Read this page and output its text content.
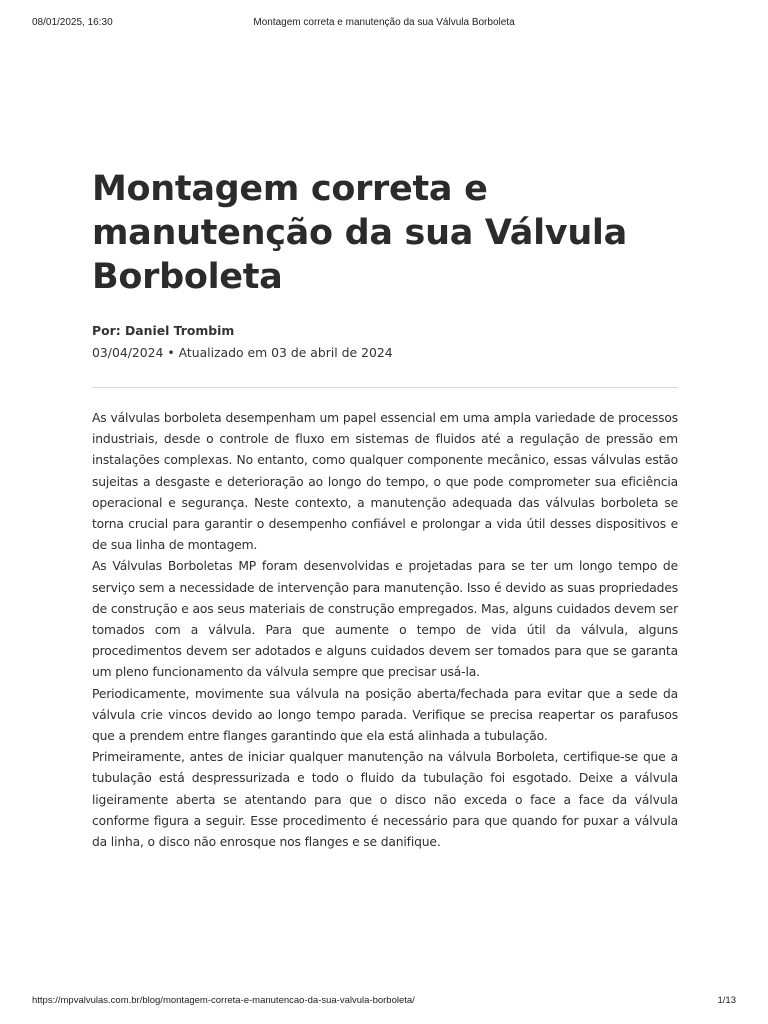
Montagem correta e manutenção da sua Válvula Borboleta
08/01/2025, 16:30
Montagem correta e manutenção da sua Válvula Borboleta
Por: Daniel Trombim
03/04/2024 • Atualizado em 03 de abril de 2024

As válvulas borboleta desempenham um papel essencial em uma ampla variedade de processos industriais, desde o controle de fluxo em sistemas de fluidos até a regulação de pressão em instalações complexas. No entanto, como qualquer componente mecânico, essas válvulas estão sujeitas a desgaste e deterioração ao longo do tempo, o que pode comprometer sua eficiência operacional e segurança. Neste contexto, a manutenção adequada das válvulas borboleta se torna crucial para garantir o desempenho confiável e prolongar a vida útil desses dispositivos e de sua linha de montagem.

As Válvulas Borboletas MP foram desenvolvidas e projetadas para se ter um longo tempo de serviço sem a necessidade de intervenção para manutenção. Isso é devido as suas propriedades de construção e aos seus materiais de construção empregados. Mas, alguns cuidados devem ser tomados com a válvula. Para que aumente o tempo de vida útil da válvula, alguns procedimentos devem ser adotados e alguns cuidados devem ser tomados para que se garanta um pleno funcionamento da válvula sempre que precisar usá-la.

Periodicamente, movimente sua válvula na posição aberta/fechada para evitar que a sede da válvula crie vincos devido ao longo tempo parada. Verifique se precisa reapertar os parafusos que a prendem entre flanges garantindo que ela está alinhada a tubulação.

Primeiramente, antes de iniciar qualquer manutenção na válvula Borboleta, certifique-se que a tubulação está despressurizada e todo o fluido da tubulação foi esgotado. Deixe a válvula ligeiramente aberta se atentando para que o disco não exceda o face a face da válvula conforme figura a seguir. Esse procedimento é necessário para que quando for puxar a válvula da linha, o disco não enrosque nos flanges e se danifique.

https://mpvalvulas.com.br/blog/montagem-correta-e-manutencao-da-sua-valvula-borboleta/	1/13
